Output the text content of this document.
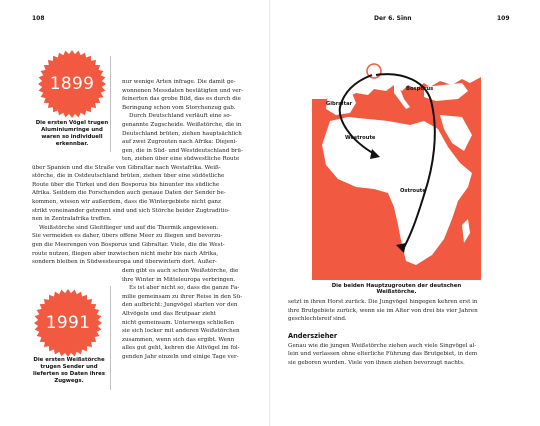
108	Der 6. Sinn	109
1899
Die ersten Vögel trugen
Aluminiumringe und
waren so individuell
erkennbar.
1991
Die ersten Weißstörche
trugen Sender und
lieferten so Daten ihres
Zugwegs.

nur wenige Arten infrage. Die damit ge-

wonnenen Messdaten bestätigten und ver-

feinerten das grobe Bild, das es durch die

Beringung schon vom Storchenzug gab.

Durch Deutschland verläuft eine so-

genannte Zugscheide. Weißstörche, die in

Deutschland brüten, ziehen hauptsächlich

auf zwei Zugrouten nach Afrika: Diejeni-

gen, die in Süd- und Westdeutschland brü-

ten, ziehen über eine südwestliche Route

über Spanien und die Straße von Gibraltar nach Westafrika. Weiß-

störche, die in Ostdeutschland brüten, ziehen über eine südöstliche

Route über die Türkei und den Bosporus bis hinunter ins südliche

Afrika. Seitdem die Forschenden auch genaue Daten der Sender be-

kommen, wissen wir außerdem, dass die Wintergebiete nicht ganz

strikt voneinander getrennt sind und sich Störche beider Zugtraditio-

nen in Zentralafrika treffen.

Weißstörche sind Gleitflieger und auf die Thermik angewiesen.

Sie vermeiden es daher, übers offene Meer zu fliegen und bevorzu-

gen die Meerengen von Bosporus und Gibraltar. Viele, die die West-

route nutzen, fliegen aber inzwischen nicht mehr bis nach Afrika,

sondern bleiben in Südwesteuropa und überwintern dort. Außer-

dem gibt es auch schon Weißstörche, die

ihre Winter in Mitteleuropa verbringen.

Es ist aber nicht so, dass die ganze Fa-

milie gemeinsam zu ihrer Reise in den Sü-

den aufbricht: Jungvögel starten vor den

Altvögeln und das Brutpaar zieht

nicht gemeinsam. Unterwegs schließen

sie sich locker mit anderen Weißstörchen

zusammen, wenn sich das ergibt. Wenn

alles gut geht, kehren die Altvögel im fol-

genden Jahr einzeln und einige Tage ver-

Gibraltar
Bosporus
Westroute
Ostroute
Die beiden Hauptzugrouten der deutschen Weißstörche.

setzt in ihren Horst zurück. Die Jungvögel hingegen kehren erst in

ihre Brutgebiete zurück, wenn sie im Alter von drei bis vier Jahren

geschlechtsreif sind.

Anderszieher

Genau wie die jungen Weißstörche ziehen auch viele Singvögel al-

lein und verlassen ohne elterliche Führung das Brutgebiet, in dem

sie geboren wurden. Viele von ihnen ziehen bevorzugt nachts.
